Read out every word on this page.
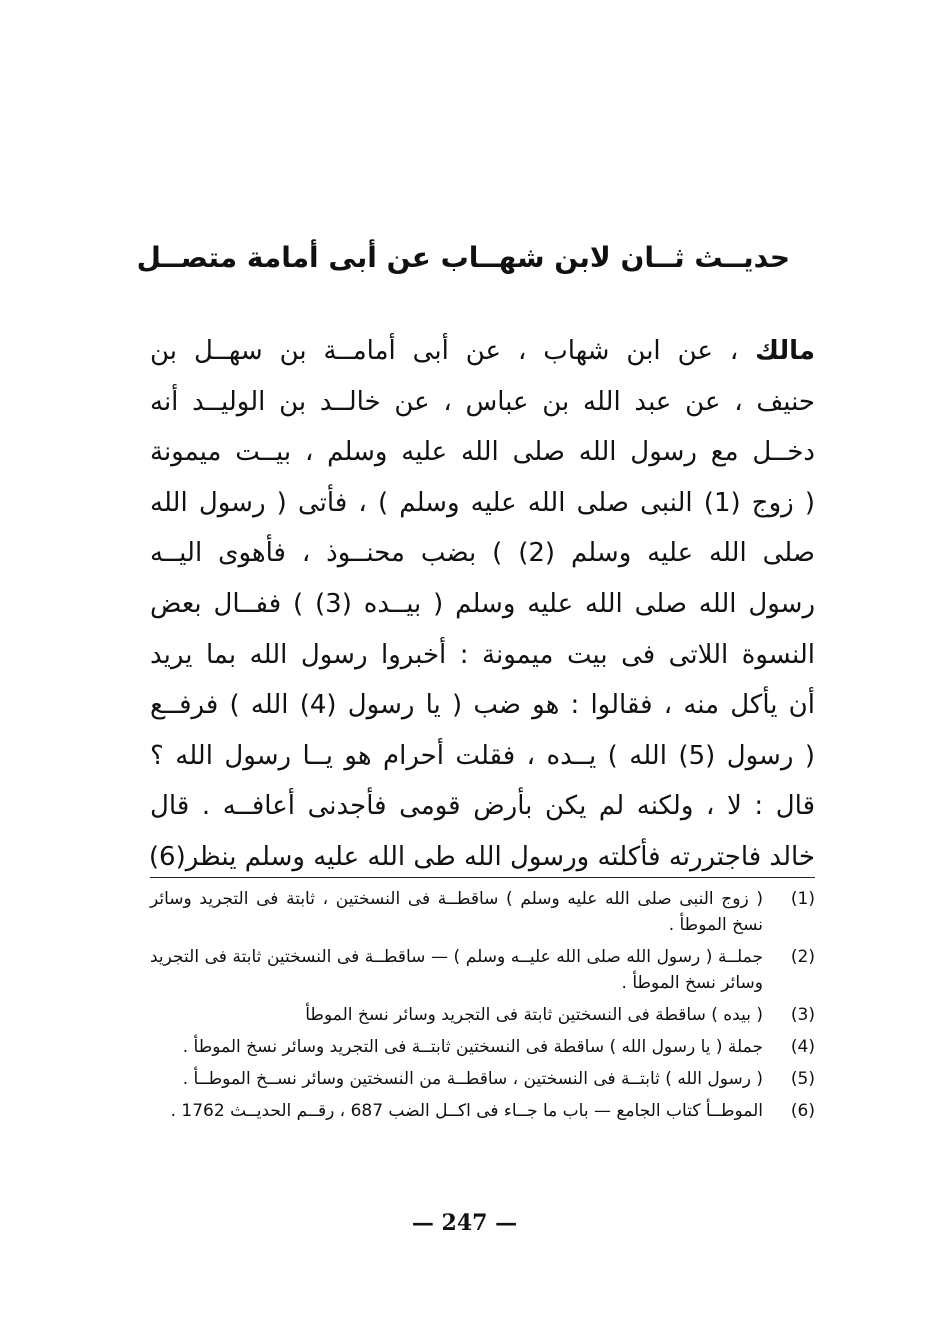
حديــث ثــان لابن شهــاب عن أبى أمامة متصــل
مالك ، عن ابن شهاب ، عن أبى أمامــة بن سهــل بن
حنيف ، عن عبد الله بن عباس ، عن خالــد بن الوليــد أنه
دخــل مع رسول الله صلى الله عليه وسلم ، بيــت ميمونة
( زوج (1) النبى صلى الله عليه وسلم ) ، فأتى ( رسول الله
صلى الله عليه وسلم (2) ) بضب محنــوذ ، فأهوى اليــه
رسول الله صلى الله عليه وسلم ( بيــده (3) ) ففــال بعض
النسوة اللاتى فى بيت ميمونة : أخبروا رسول الله بما يريد
أن يأكل منه ، فقالوا : هو ضب ( يا رسول (4) الله ) فرفــع
( رسول (5) الله ) يــده ، فقلت أحرام هو يــا رسول الله ؟
قال : لا ، ولكنه لم يكن بأرض قومى فأجدنى أعافــه . قال
خالد فاجتررته فأكلته ورسول الله طى الله عليه وسلم ينظر(6)
(1)
( زوج النبى صلى الله عليه وسلم ) ساقطــة فى النسختين ، ثابتة فى التجريد وسائر نسخ الموطأ .
(2)
جملــة ( رسول الله صلى الله عليــه وسلم ) — ساقطــة فى النسختين ثابتة فى التجريد وسائر نسخ الموطأ .
(3)
( بيده ) ساقطة فى النسختين ثابتة فى التجريد وسائر نسخ الموطأ
(4)
جملة ( يا رسول الله ) ساقطة فى النسختين ثابتــة فى التجريد وسائر نسخ الموطأ .
(5)
( رسول الله ) ثابتــة فى النسختين ، ساقطــة من النسختين وسائر نســخ الموطــأ .
(6)
الموطــأ كتاب الجامع — باب ما جــاء فى اكــل الضب 687 ، رقــم الحديــث 1762 .
— 247 —
